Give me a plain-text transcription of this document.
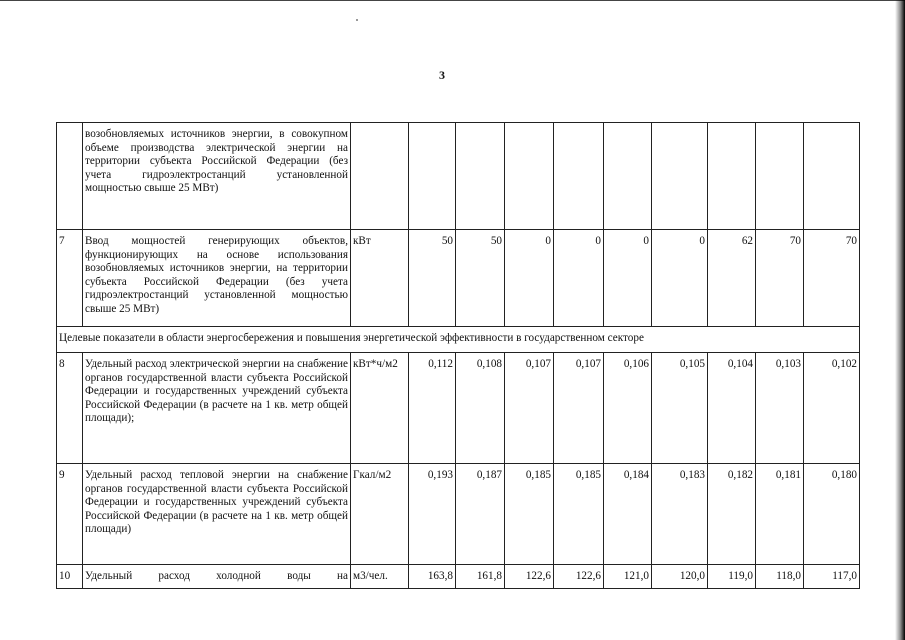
3
	возобновляемых источников энергии, в совокупном объеме производства электрической энергии на территории субъекта Российской Федерации (без учета гидроэлектростанций установленной мощностью свыше 25 МВт)										
7	Ввод мощностей генерирующих объектов, функционирующих на основе использования возобновляемых источников энергии, на территории субъекта Российской Федерации (без учета гидроэлектростанций установленной мощностью свыше 25 МВт)	кВт	50	50	0	0	0	0	62	70	70
Целевые показатели в области энергосбережения и повышения энергетической эффективности в государственном секторе											
8	Удельный расход электрической энергии на снабжение органов государственной власти субъекта Российской Федерации и государственных учреждений субъекта Российской Федерации (в расчете на 1 кв. метр общей площади);	кВт*ч/м2	0,112	0,108	0,107	0,107	0,106	0,105	0,104	0,103	0,102
9	Удельный расход тепловой энергии на снабжение органов государственной власти субъекта Российской Федерации и государственных учреждений субъекта Российской Федерации (в расчете на 1 кв. метр общей площади)	Гкал/м2	0,193	0,187	0,185	0,185	0,184	0,183	0,182	0,181	0,180
10	Удельный расход холодной воды на	м3/чел.	163,8	161,8	122,6	122,6	121,0	120,0	119,0	118,0	117,0
